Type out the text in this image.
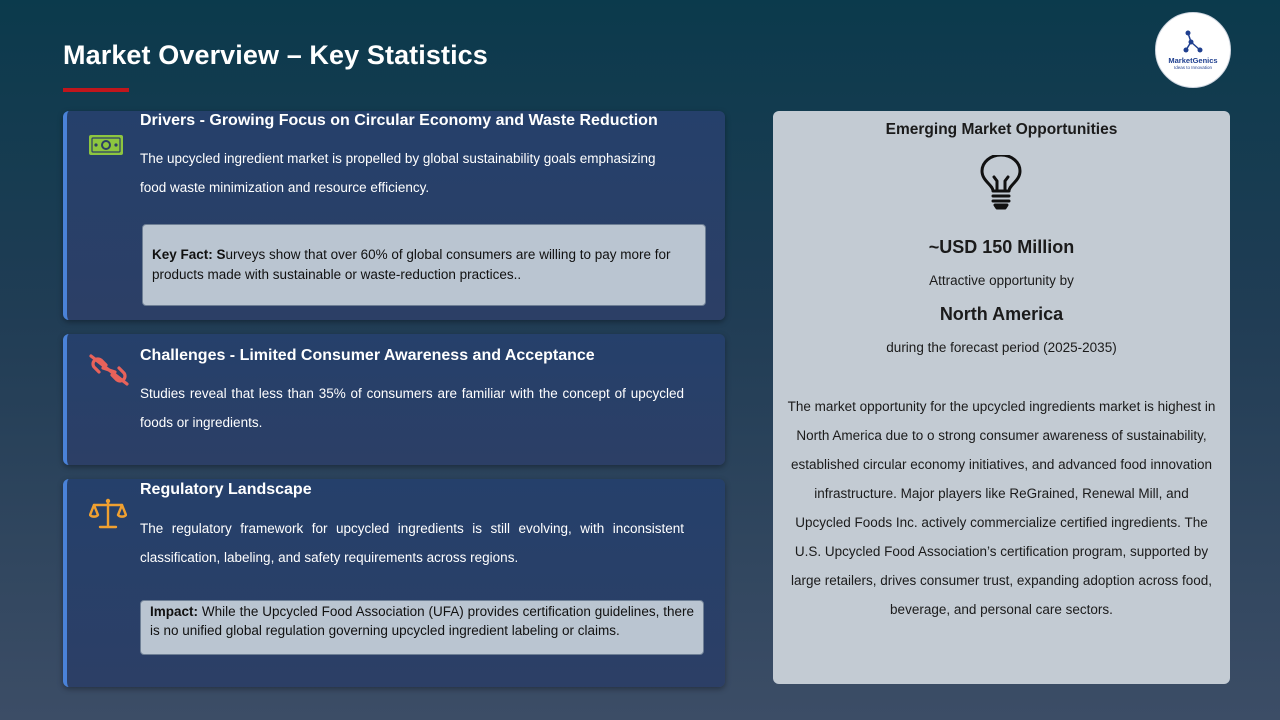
Market Overview – Key Statistics	MarketGenics
Ideas to Innovation
Drivers - Growing Focus on Circular Economy and Waste Reduction
The upcycled ingredient market is propelled by global sustainability goals emphasizing food waste minimization and resource efficiency.
Key Fact: Surveys show that over 60% of global consumers are willing to pay more for products made with sustainable or waste-reduction practices..
Challenges - Limited Consumer Awareness and Acceptance
Studies reveal that less than 35% of consumers are familiar with the concept of upcycled foods or ingredients.
Regulatory Landscape
The regulatory framework for upcycled ingredients is still evolving, with inconsistent classification, labeling, and safety requirements across regions.
Impact: While the Upcycled Food Association (UFA) provides certification guidelines, there is no unified global regulation governing upcycled ingredient labeling or claims.
Emerging Market Opportunities
~USD 150 Million
Attractive opportunity by
North America
during the forecast period (2025-2035)
The market opportunity for the upcycled ingredients market is highest in North America due to o strong consumer awareness of sustainability, established circular economy initiatives, and advanced food innovation infrastructure. Major players like ReGrained, Renewal Mill, and Upcycled Foods Inc. actively commercialize certified ingredients. The U.S. Upcycled Food Association’s certification program, supported by large retailers, drives consumer trust, expanding adoption across food, beverage, and personal care sectors.
